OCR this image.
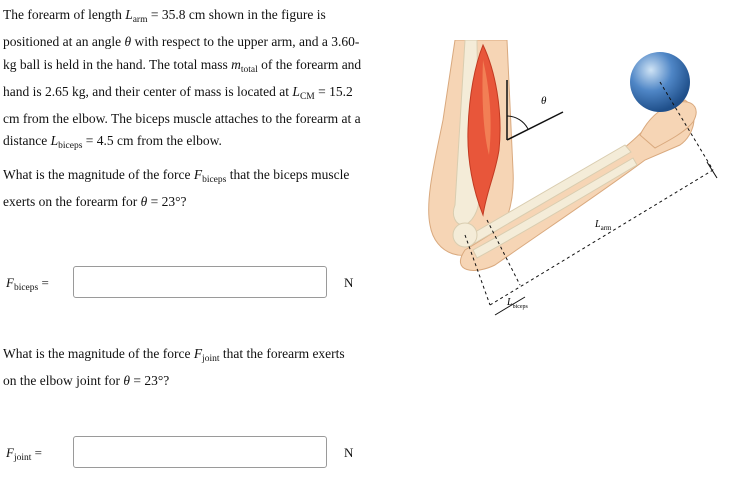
The forearm of length $L_{arm} = 35.8$ cm shown in the figure is positioned at an angle θ with respect to the upper arm, and a 3.60-kg ball is held in the hand. The total mass $m_{total}$ of the forearm and hand is 2.65 kg, and their center of mass is located at $L_{CM} = 15.2$ cm from the elbow. The biceps muscle attaches to the forearm at a distance $L_{biceps} = 4.5$ cm from the elbow.

What is the magnitude of the force $F_{biceps}$ that the biceps muscle exerts on the forearm for θ = 23°?

$F_{biceps}$ =	N

What is the magnitude of the force $F_{joint}$ that the forearm exerts on the elbow joint for θ = 23°?

$F_{joint}$ =	N
θ
$L_{arm}$
$L_{biceps}$
